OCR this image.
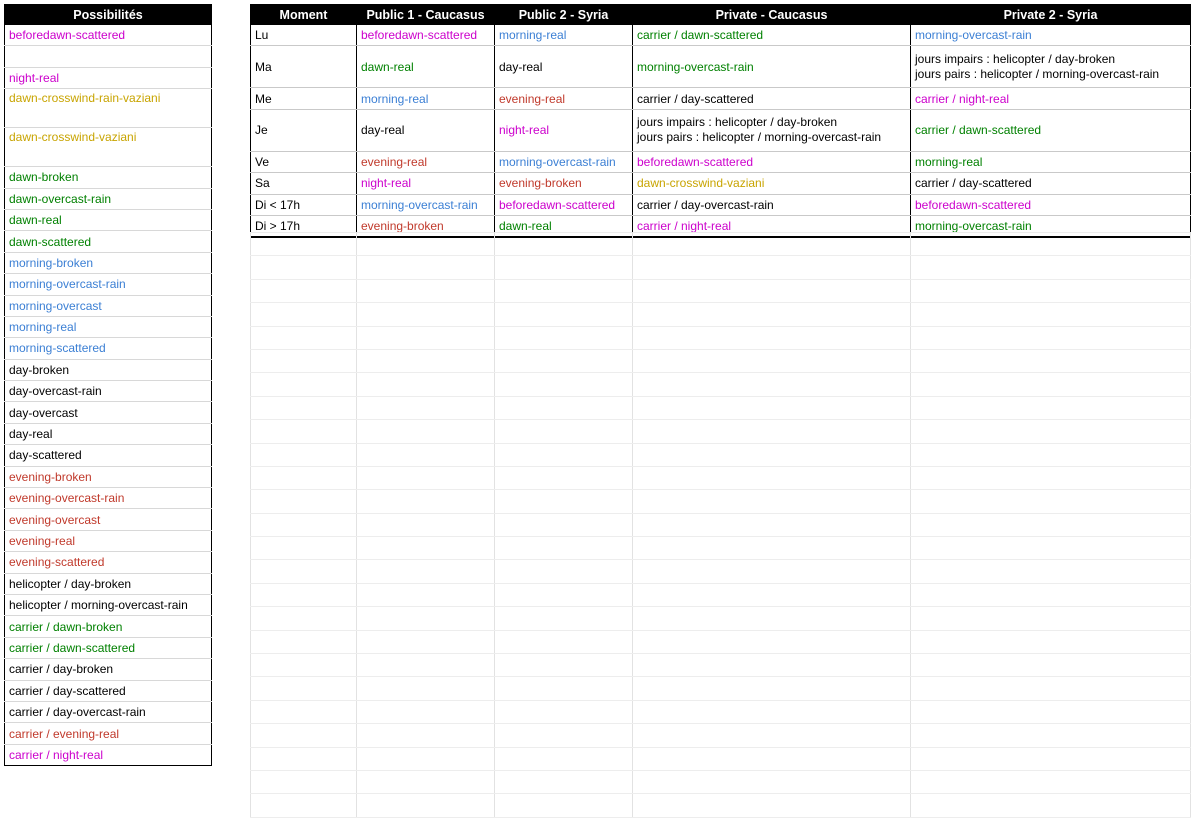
Possibilités
beforedawn-scattered

night-real
dawn-crosswind-rain-vaziani
dawn-crosswind-vaziani
dawn-broken
dawn-overcast-rain
dawn-real
dawn-scattered
morning-broken
morning-overcast-rain
morning-overcast
morning-real
morning-scattered
day-broken
day-overcast-rain
day-overcast
day-real
day-scattered
evening-broken
evening-overcast-rain
evening-overcast
evening-real
evening-scattered
helicopter / day-broken
helicopter / morning-overcast-rain
carrier / dawn-broken
carrier / dawn-scattered
carrier / day-broken
carrier / day-scattered
carrier / day-overcast-rain
carrier / evening-real
carrier / night-real
Moment	Public 1 - Caucasus	Public 2 - Syria	Private - Caucasus	Private 2 - Syria
Lu	beforedawn-scattered	morning-real	carrier / dawn-scattered	morning-overcast-rain
Ma	dawn-real	day-real	morning-overcast-rain	jours impairs : helicopter / day-broken
jours pairs : helicopter / morning-overcast-rain

Me	morning-real	evening-real	carrier / day-scattered	carrier / night-real
Je	day-real	night-real	jours impairs : helicopter / day-broken
jours pairs : helicopter / morning-overcast-rain	carrier / dawn-scattered
Ve	evening-real	morning-overcast-rain	beforedawn-scattered	morning-real
Sa	night-real	evening-broken	dawn-crosswind-vaziani	carrier / day-scattered
Di < 17h	morning-overcast-rain	beforedawn-scattered	carrier / day-overcast-rain	beforedawn-scattered
Di > 17h	evening-broken	dawn-real	carrier / night-real	morning-overcast-rain
